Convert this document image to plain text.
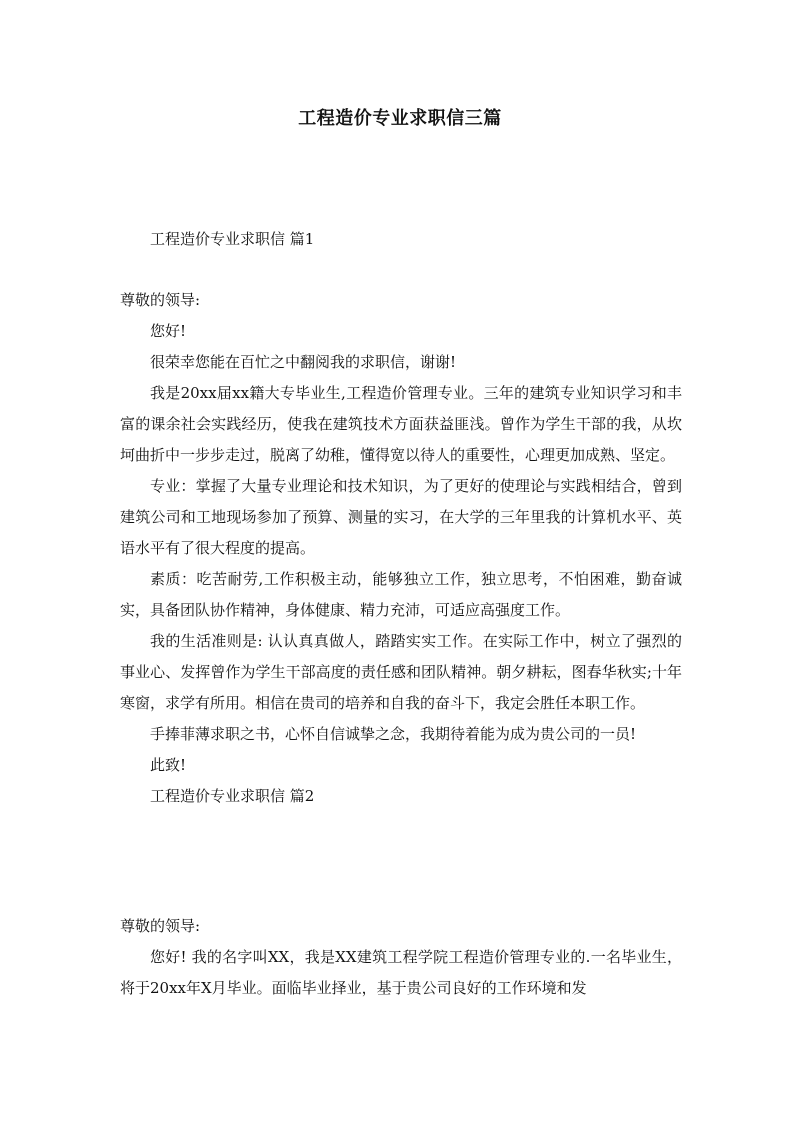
工程造价专业求职信三篇

工程造价专业求职信 篇1

尊敬的领导:

您好!

很荣幸您能在百忙之中翻阅我的求职信，谢谢!

我是20xx届xx籍大专毕业生,工程造价管理专业。三年的建筑专业知识学习和丰富的课余社会实践经历，使我在建筑技术方面获益匪浅。曾作为学生干部的我，从坎坷曲折中一步步走过，脱离了幼稚，懂得宽以待人的重要性，心理更加成熟、坚定。

专业：掌握了大量专业理论和技术知识，为了更好的使理论与实践相结合，曾到建筑公司和工地现场参加了预算、测量的实习，在大学的三年里我的计算机水平、英语水平有了很大程度的提高。

素质：吃苦耐劳,工作积极主动，能够独立工作，独立思考，不怕困难，勤奋诚实，具备团队协作精神，身体健康、精力充沛，可适应高强度工作。

我的生活准则是: 认认真真做人，踏踏实实工作。在实际工作中，树立了强烈的事业心、发挥曾作为学生干部高度的责任感和团队精神。朝夕耕耘，图春华秋实;十年寒窗，求学有所用。相信在贵司的培养和自我的奋斗下，我定会胜任本职工作。

手捧菲薄求职之书，心怀自信诚挚之念，我期待着能为成为贵公司的一员!

此致!

工程造价专业求职信 篇2

尊敬的领导:

您好! 我的名字叫XX，我是XX建筑工程学院工程造价管理专业的.一名毕业生，将于20xx年X月毕业。面临毕业择业，基于贵公司良好的工作环境和发
